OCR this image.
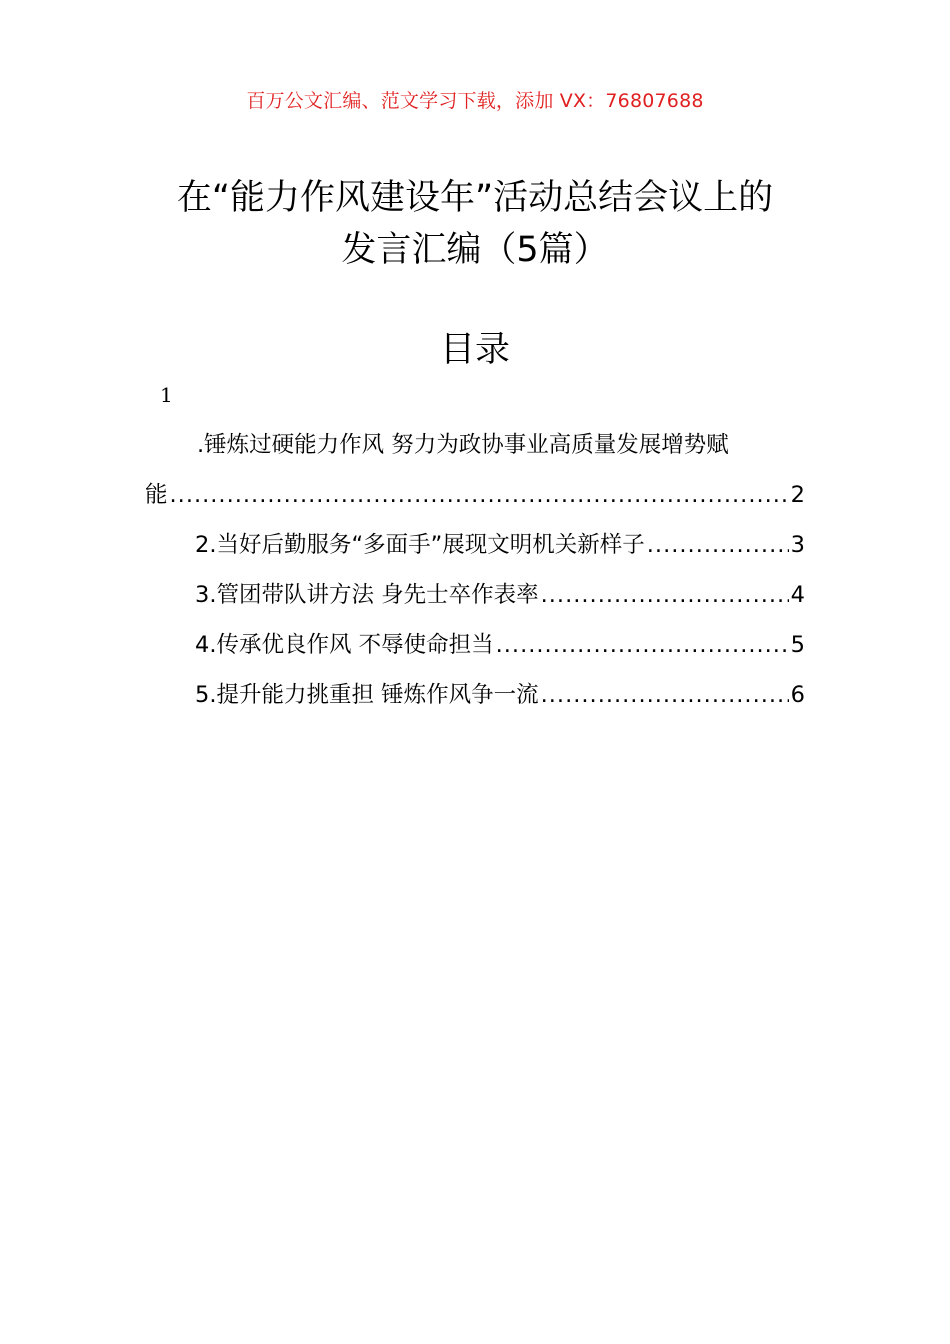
百万公文汇编、范文学习下载，添加 VX：76807688
在“能力作风建设年”活动总结会议上的
发言汇编（5篇）
目录
1
.锤炼过硬能力作风 努力为政协事业高质量发展增势赋
能 .....	2
2.当好后勤服务“多面手”展现文明机关新样子 .....	3
3.管团带队讲方法 身先士卒作表率 .....	4
4.传承优良作风 不辱使命担当 .....	5
5.提升能力挑重担 锤炼作风争一流 .....	6
